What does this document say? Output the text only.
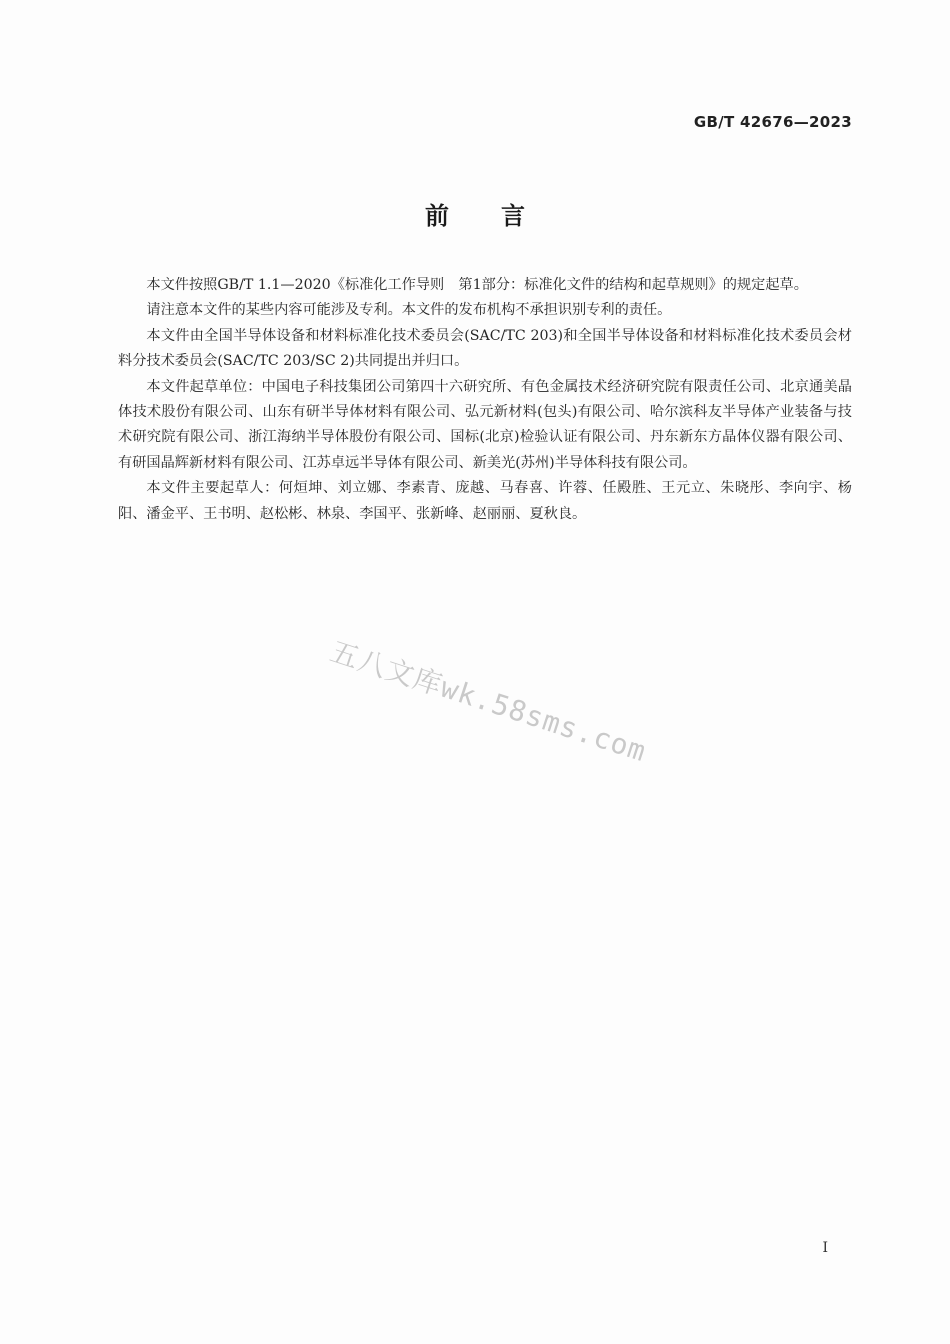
GB/T 42676—2023
前言

本文件按照GB/T 1.1—2020《标准化工作导则　第1部分：标准化文件的结构和起草规则》的规定起草。

请注意本文件的某些内容可能涉及专利。本文件的发布机构不承担识别专利的责任。

本文件由全国半导体设备和材料标准化技术委员会(SAC/TC 203)和全国半导体设备和材料标准化技术委员会材料分技术委员会(SAC/TC 203/SC 2)共同提出并归口。

本文件起草单位：中国电子科技集团公司第四十六研究所、有色金属技术经济研究院有限责任公司、北京通美晶体技术股份有限公司、山东有研半导体材料有限公司、弘元新材料(包头)有限公司、哈尔滨科友半导体产业装备与技术研究院有限公司、浙江海纳半导体股份有限公司、国标(北京)检验认证有限公司、丹东新东方晶体仪器有限公司、有研国晶辉新材料有限公司、江苏卓远半导体有限公司、新美光(苏州)半导体科技有限公司。

本文件主要起草人：何烜坤、刘立娜、李素青、庞越、马春喜、许蓉、任殿胜、王元立、朱晓彤、李向宇、杨阳、潘金平、王书明、赵松彬、林泉、李国平、张新峰、赵丽丽、夏秋良。

五八文库wk.58sms.com
I
